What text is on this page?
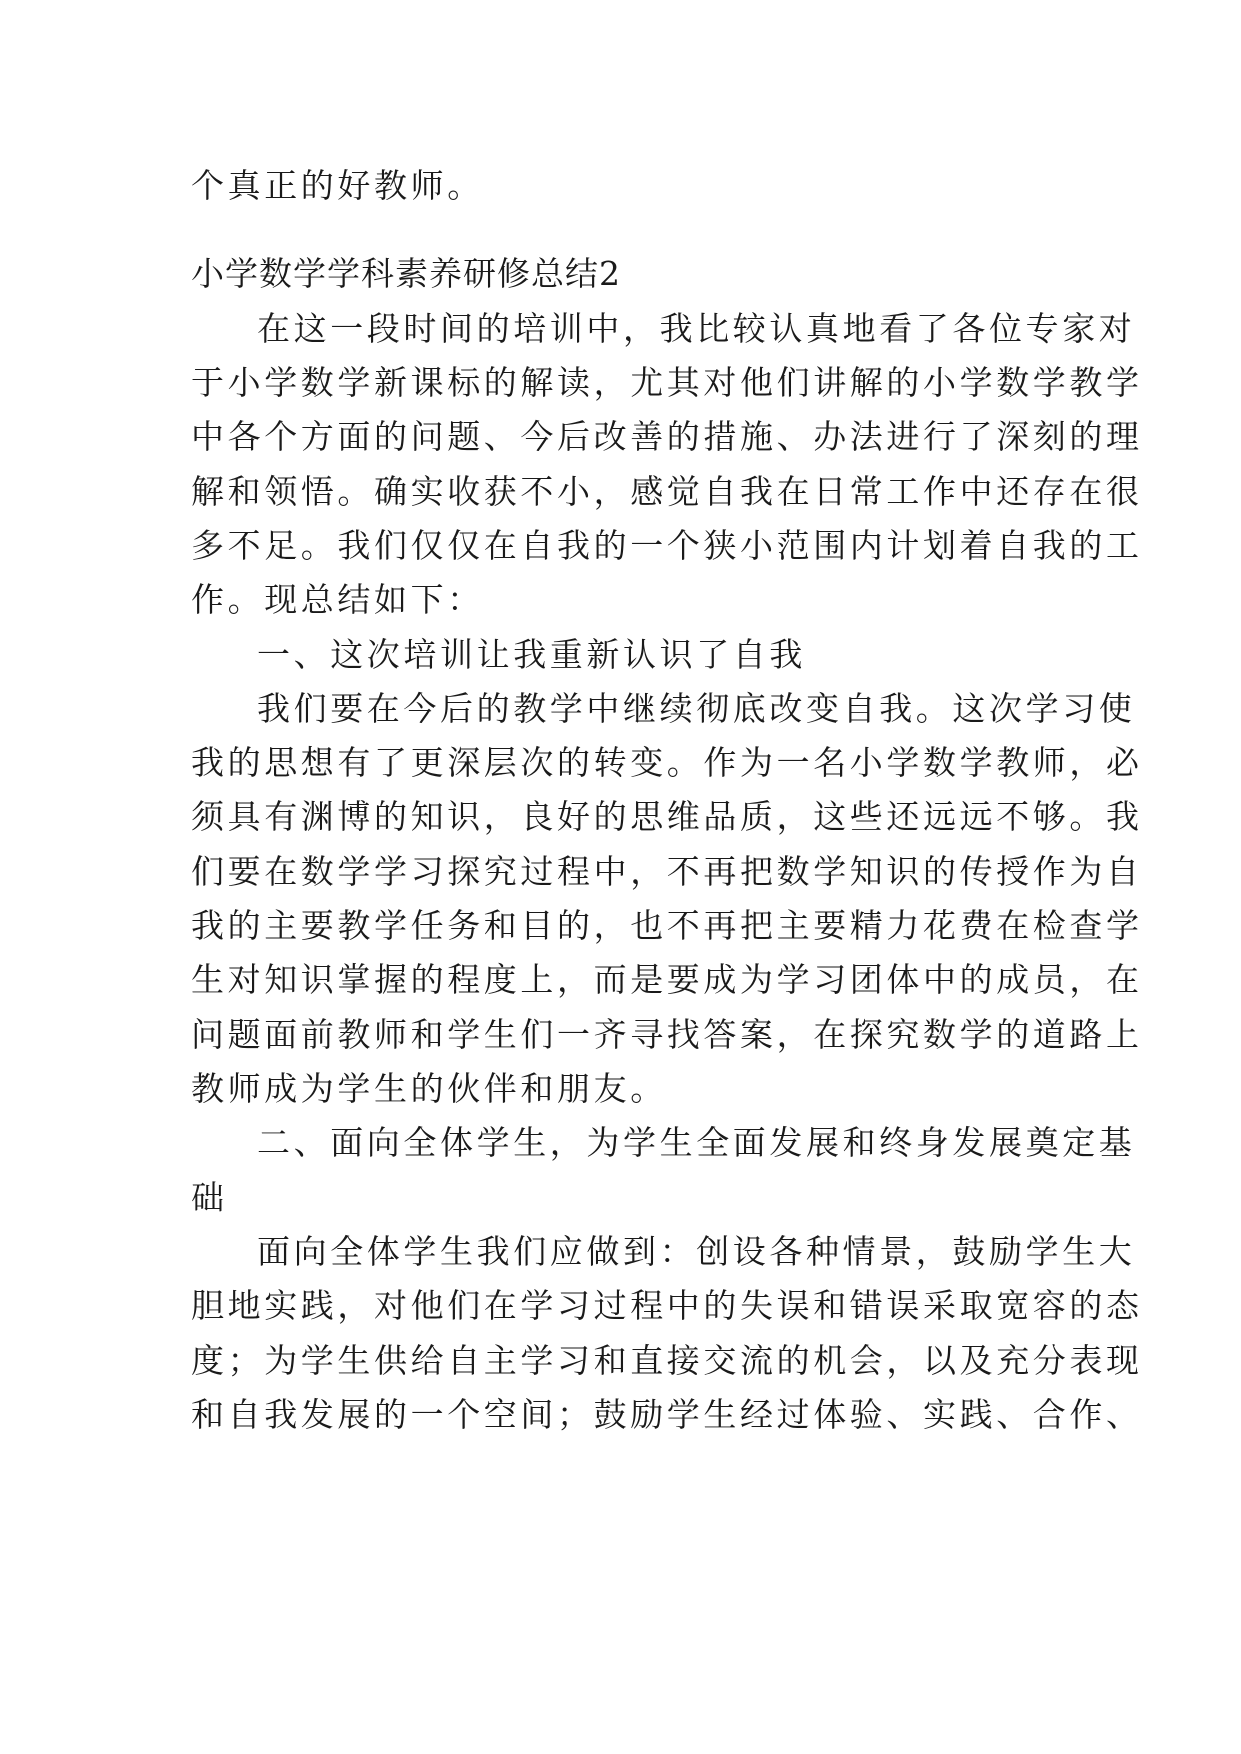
个真正的好教师。
小学数学学科素养研修总结2
在这一段时间的培训中，我比较认真地看了各位专家对
于小学数学新课标的解读，尤其对他们讲解的小学数学教学
中各个方面的问题、今后改善的措施、办法进行了深刻的理
解和领悟。确实收获不小，感觉自我在日常工作中还存在很
多不足。我们仅仅在自我的一个狭小范围内计划着自我的工
作。现总结如下：
一、这次培训让我重新认识了自我
我们要在今后的教学中继续彻底改变自我。这次学习使
我的思想有了更深层次的转变。作为一名小学数学教师，必
须具有渊博的知识，良好的思维品质，这些还远远不够。我
们要在数学学习探究过程中，不再把数学知识的传授作为自
我的主要教学任务和目的，也不再把主要精力花费在检查学
生对知识掌握的程度上，而是要成为学习团体中的成员，在
问题面前教师和学生们一齐寻找答案，在探究数学的道路上
教师成为学生的伙伴和朋友。
二、面向全体学生，为学生全面发展和终身发展奠定基
础
面向全体学生我们应做到：创设各种情景，鼓励学生大
胆地实践，对他们在学习过程中的失误和错误采取宽容的态
度；为学生供给自主学习和直接交流的机会，以及充分表现
和自我发展的一个空间；鼓励学生经过体验、实践、合作、
